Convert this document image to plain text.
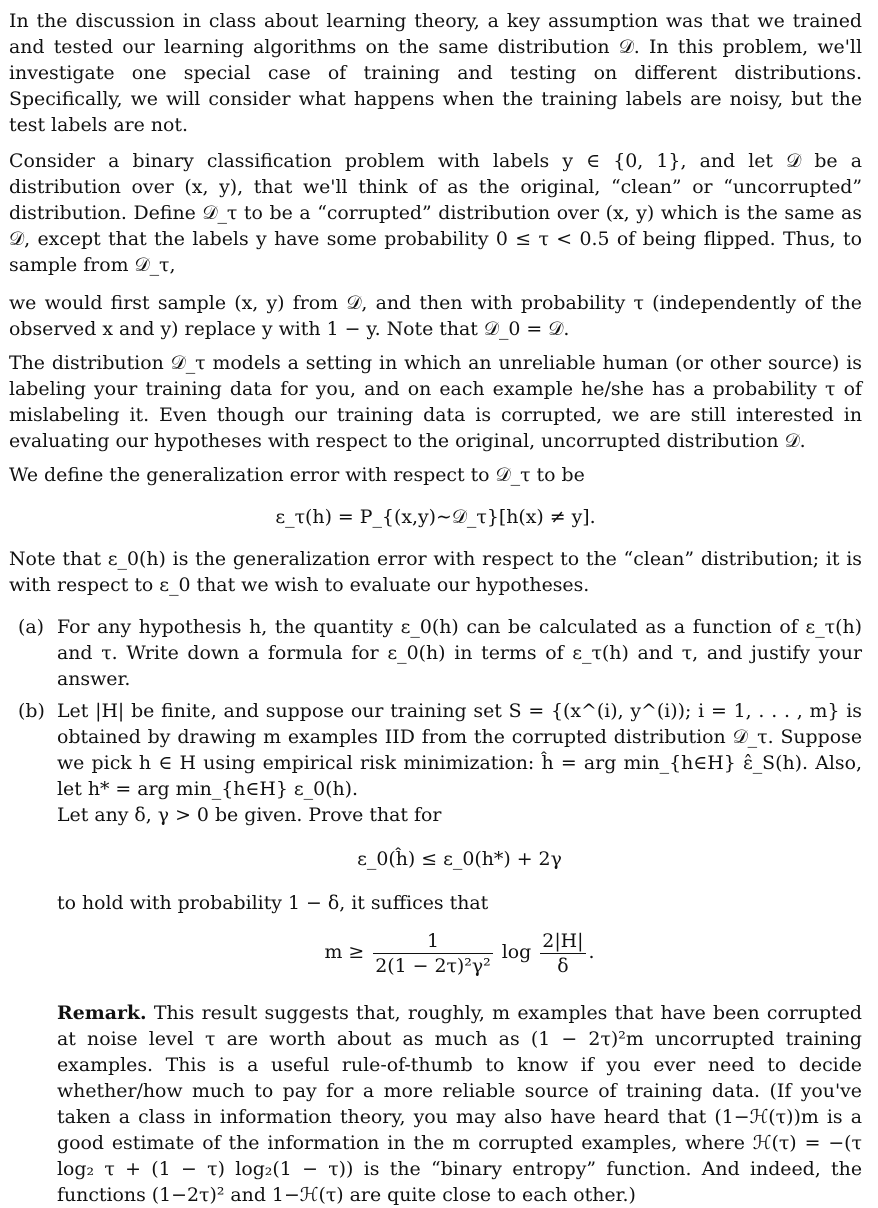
In the discussion in class about learning theory, a key assumption was that we trained and tested our learning algorithms on the same distribution 𝒟. In this problem, we'll investigate one special case of training and testing on different distributions. Specifically, we will consider what happens when the training labels are noisy, but the test labels are not.

Consider a binary classification problem with labels y ∈ {0, 1}, and let 𝒟 be a distribution over (x, y), that we'll think of as the original, “clean” or “uncorrupted” distribution. Define 𝒟_τ to be a “corrupted” distribution over (x, y) which is the same as 𝒟, except that the labels y have some probability 0 ≤ τ < 0.5 of being flipped. Thus, to sample from 𝒟_τ,

we would first sample (x, y) from 𝒟, and then with probability τ (independently of the observed x and y) replace y with 1 − y. Note that 𝒟_0 = 𝒟.

The distribution 𝒟_τ models a setting in which an unreliable human (or other source) is labeling your training data for you, and on each example he/she has a probability τ of mislabeling it. Even though our training data is corrupted, we are still interested in evaluating our hypotheses with respect to the original, uncorrupted distribution 𝒟.

We define the generalization error with respect to 𝒟_τ to be

ε_τ(h) = P_{(x,y)∼𝒟_τ}[h(x) ≠ y].

Note that ε_0(h) is the generalization error with respect to the “clean” distribution; it is with respect to ε_0 that we wish to evaluate our hypotheses.

(a) For any hypothesis h, the quantity ε_0(h) can be calculated as a function of ε_τ(h) and τ. Write down a formula for ε_0(h) in terms of ε_τ(h) and τ, and justify your answer.
(b) Let |H| be finite, and suppose our training set S = {(x^(i), y^(i)); i = 1, . . . , m} is obtained by drawing m examples IID from the corrupted distribution 𝒟_τ. Suppose we pick h ∈ H using empirical risk minimization: ĥ = arg min_{h∈H} ε̂_S(h). Also, let h* = arg min_{h∈H} ε_0(h).
Let any δ, γ > 0 be given. Prove that for
ε_0(ĥ) ≤ ε_0(h*) + 2γ
to hold with probability 1 − δ, it suffices that
$m \ge \frac{1}{\text{2(1 − 2τ)²γ²}}$ $\log \frac{2|H|}{\delta}$ .
Remark. This result suggests that, roughly, m examples that have been corrupted at noise level τ are worth about as much as (1 − 2τ)²m uncorrupted training examples. This is a useful rule-of-thumb to know if you ever need to decide whether/how much to pay for a more reliable source of training data. (If you've taken a class in information theory, you may also have heard that (1−ℋ(τ))m is a good estimate of the information in the m corrupted examples, where ℋ(τ) = −(τ log₂ τ + (1 − τ) log₂(1 − τ)) is the “binary entropy” function. And indeed, the functions (1−2τ)² and 1−ℋ(τ) are quite close to each other.)
